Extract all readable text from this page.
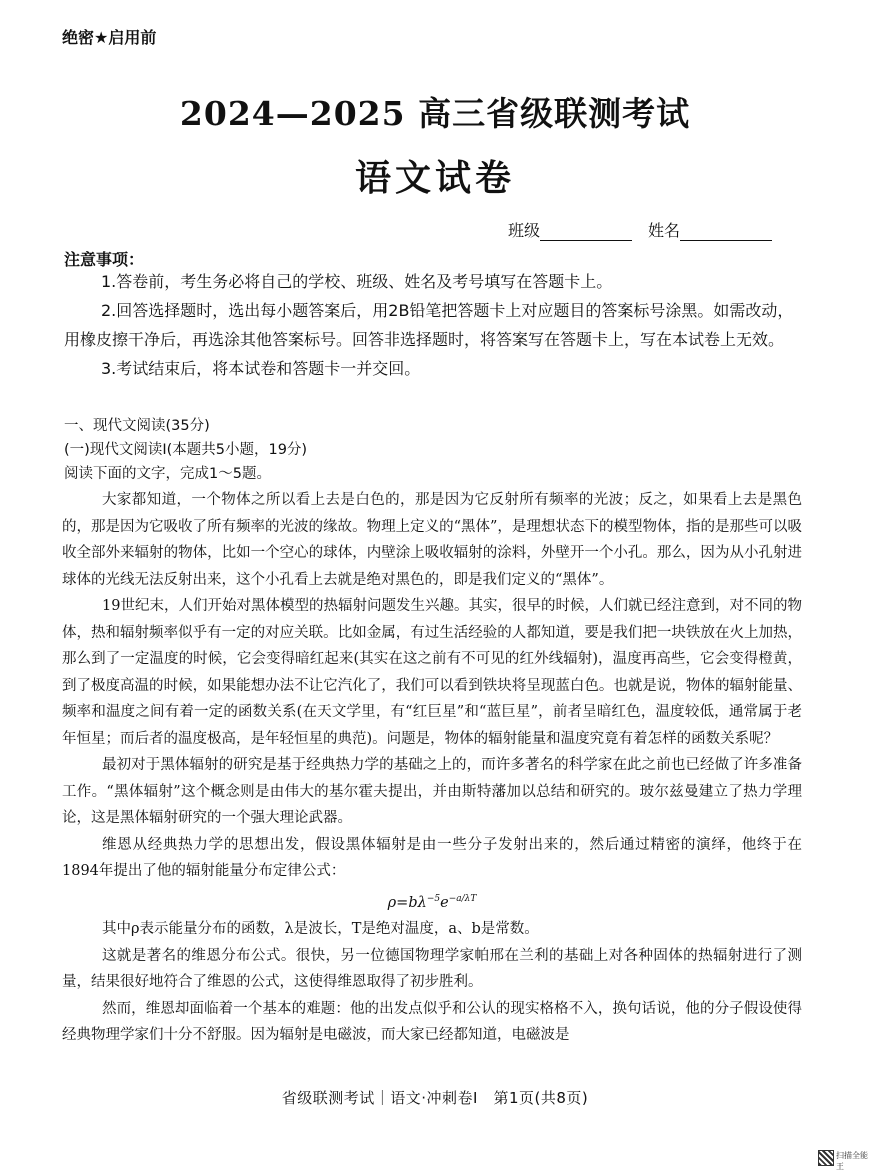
绝密★启用前
2024—2025 高三省级联测考试
语文试卷
班级	姓名
注意事项：

1.答卷前，考生务必将自己的学校、班级、姓名及考号填写在答题卡上。

2.回答选择题时，选出每小题答案后，用2B铅笔把答题卡上对应题目的答案标号涂黑。如需改动，用橡皮擦干净后，再选涂其他答案标号。回答非选择题时，将答案写在答题卡上，写在本试卷上无效。

3.考试结束后，将本试卷和答题卡一并交回。

一、现代文阅读(35分)
(一)现代文阅读Ⅰ(本题共5小题，19分)
阅读下面的文字，完成1～5题。

大家都知道，一个物体之所以看上去是白色的，那是因为它反射所有频率的光波；反之，如果看上去是黑色的，那是因为它吸收了所有频率的光波的缘故。物理上定义的“黑体”，是理想状态下的模型物体，指的是那些可以吸收全部外来辐射的物体，比如一个空心的球体，内壁涂上吸收辐射的涂料，外壁开一个小孔。那么，因为从小孔射进球体的光线无法反射出来，这个小孔看上去就是绝对黑色的，即是我们定义的“黑体”。

19世纪末，人们开始对黑体模型的热辐射问题发生兴趣。其实，很早的时候，人们就已经注意到，对不同的物体，热和辐射频率似乎有一定的对应关联。比如金属，有过生活经验的人都知道，要是我们把一块铁放在火上加热，那么到了一定温度的时候，它会变得暗红起来(其实在这之前有不可见的红外线辐射)，温度再高些，它会变得橙黄，到了极度高温的时候，如果能想办法不让它汽化了，我们可以看到铁块将呈现蓝白色。也就是说，物体的辐射能量、频率和温度之间有着一定的函数关系(在天文学里，有“红巨星”和“蓝巨星”，前者呈暗红色，温度较低，通常属于老年恒星；而后者的温度极高，是年轻恒星的典范)。问题是，物体的辐射能量和温度究竟有着怎样的函数关系呢？

最初对于黑体辐射的研究是基于经典热力学的基础之上的，而许多著名的科学家在此之前也已经做了许多准备工作。“黑体辐射”这个概念则是由伟大的基尔霍夫提出，并由斯特藩加以总结和研究的。玻尔兹曼建立了热力学理论，这是黑体辐射研究的一个强大理论武器。

维恩从经典热力学的思想出发，假设黑体辐射是由一些分子发射出来的，然后通过精密的演绎，他终于在1894年提出了他的辐射能量分布定律公式：

$\rho=b\lambda^{-5}e^{-a/\lambda T}$

其中ρ表示能量分布的函数，λ是波长，T是绝对温度，a、b是常数。

这就是著名的维恩分布公式。很快，另一位德国物理学家帕邢在兰利的基础上对各种固体的热辐射进行了测量，结果很好地符合了维恩的公式，这使得维恩取得了初步胜利。

然而，维恩却面临着一个基本的难题：他的出发点似乎和公认的现实格格不入，换句话说，他的分子假设使得经典物理学家们十分不舒服。因为辐射是电磁波，而大家已经都知道，电磁波是

省级联测考试｜语文·冲刺卷Ⅰ　第1页(共8页)
扫描全能王
